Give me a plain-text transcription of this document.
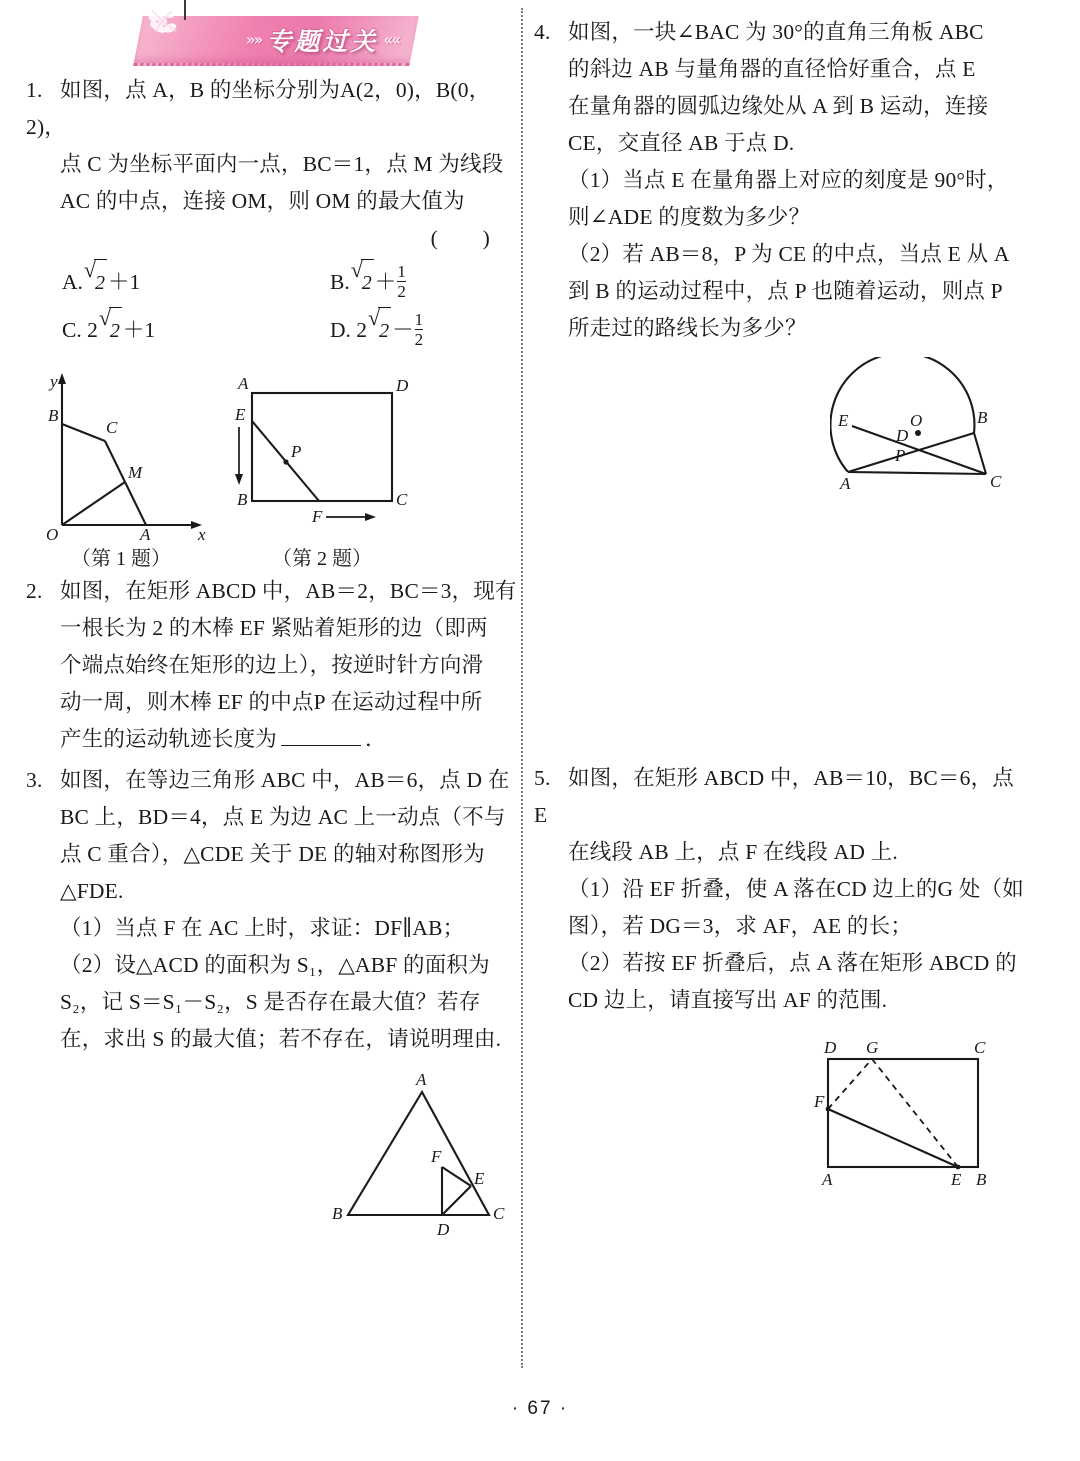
»» 专题过关 ««
1. 如图，点 A，B 的坐标分别为A(2，0)，B(0，2)，
点 C 为坐标平面内一点，BC＝1，点 M 为线段
AC 的中点，连接 OM，则 OM 的最大值为
(        )
A. √
2 ＋1	B. √
$2 + \frac{1}{2}$
C. 2 √
2 ＋1	D. 2 √
$2 - \frac{1}{2}$
B
C
M
A
O
y
x
A	D
E
P
B	C
F
（第 1 题）	（第 2 题）
2. 如图，在矩形 ABCD 中，AB＝2，BC＝3，现有
一根长为 2 的木棒 EF 紧贴着矩形的边（即两
个端点始终在矩形的边上），按逆时针方向滑
动一周，则木棒 EF 的中点P 在运动过程中所
产生的运动轨迹长度为	．
3. 如图，在等边三角形 ABC 中，AB＝6，点 D 在
BC 上，BD＝4，点 E 为边 AC 上一动点（不与
点 C 重合），△CDE 关于 DE 的轴对称图形为
△FDE.
（1）当点 F 在 AC 上时，求证：DF∥AB；
（2）设△ACD 的面积为 S₁，△ABF 的面积为
S₂，记 S＝S₁－S₂，S 是否存在最大值？若存
在，求出 S 的最大值；若不存在，请说明理由.
A
B	C
D
E
F
4. 如图，一块∠BAC 为 30°的直角三角板 ABC
的斜边 AB 与量角器的直径恰好重合，点 E
在量角器的圆弧边缘处从 A 到 B 运动，连接
CE，交直径 AB 于点 D.
（1）当点 E 在量角器上对应的刻度是 90°时，
则∠ADE 的度数为多少？
（2）若 AB＝8，P 为 CE 的中点，当点 E 从 A
到 B 的运动过程中，点 P 也随着运动，则点 P
所走过的路线长为多少？
E	B
O
D
P
A	C
5. 如图，在矩形 ABCD 中，AB＝10，BC＝6，点 E
在线段 AB 上，点 F 在线段 AD 上.
（1）沿 EF 折叠，使 A 落在CD 边上的G 处（如
图），若 DG＝3，求 AF，AE 的长；
（2）若按 EF 折叠后，点 A 落在矩形 ABCD 的
CD 边上，请直接写出 AF 的范围.
D G	C
F
A	E B
· 67 ·
